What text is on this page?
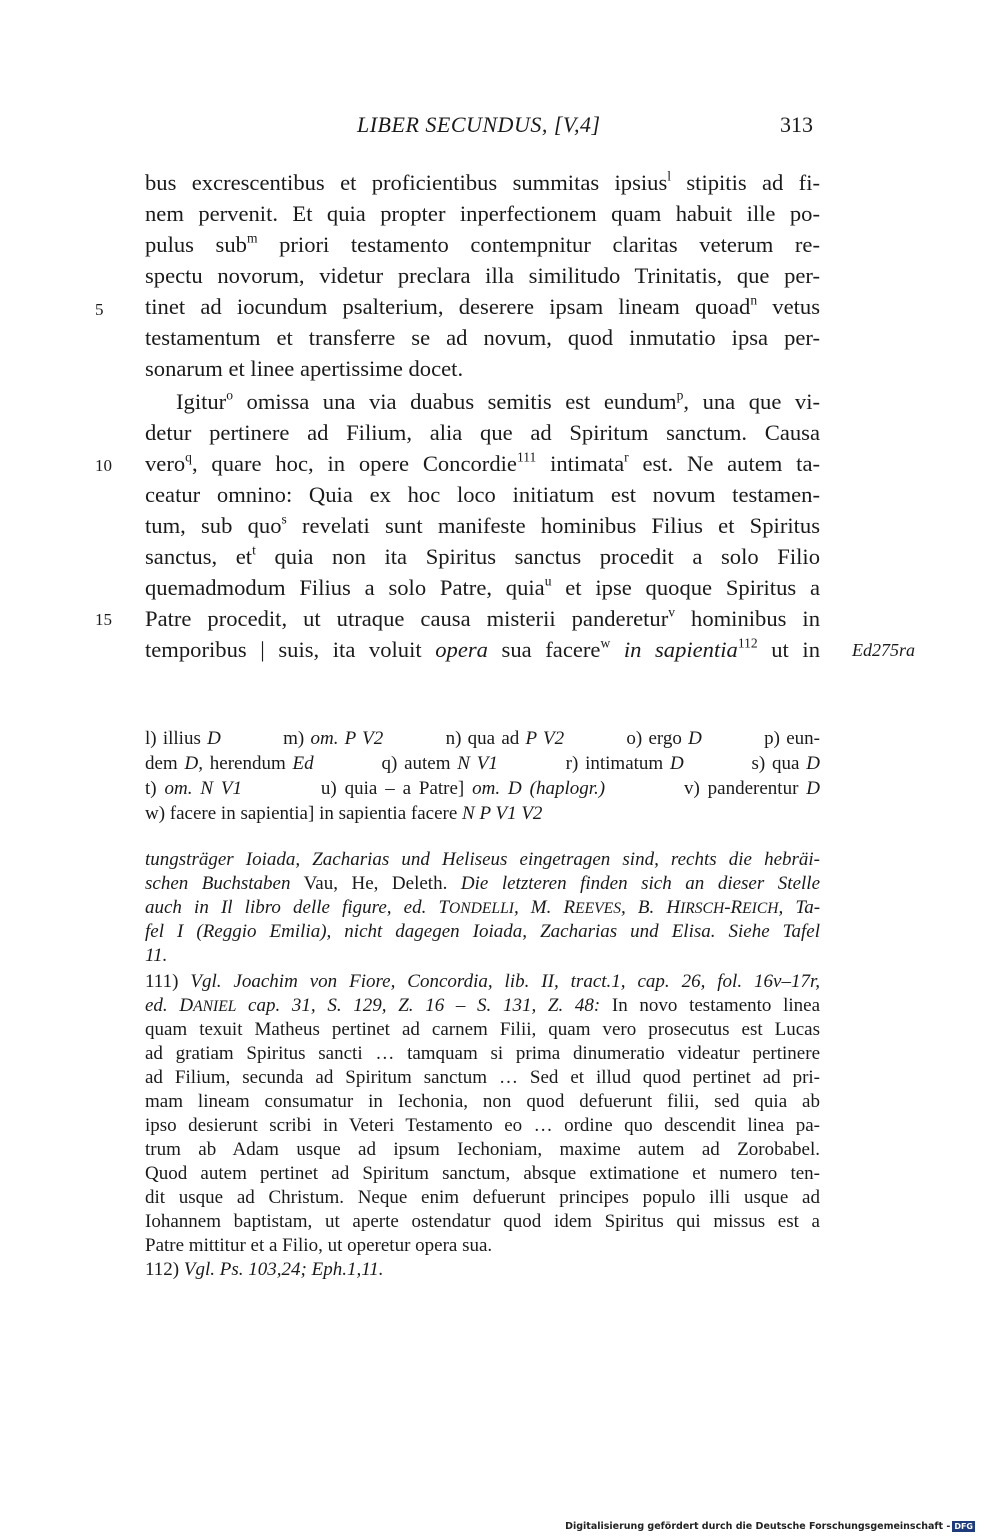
LIBER SECUNDUS, [V,4]	313
bus excrescentibus et proficientibus summitas ipsius$^l$ stipitis ad fi-
nem pervenit. Et quia propter inperfectionem quam habuit ille po-
pulus sub$^m$ priori testamento contempnitur claritas veterum re-
spectu novorum, videtur preclara illa similitudo Trinitatis, que per-
tinet ad iocundum psalterium, deserere ipsam lineam quoad$^n$ vetus
testamentum et transferre se ad novum, quod inmutatio ipsa per-
sonarum et linee apertissime docet.
Igitur$^o$ omissa una via duabus semitis est eundum$^p$, una que vi-
detur pertinere ad Filium, alia que ad Spiritum sanctum. Causa
vero$^q$, quare hoc, in opere Concordie$^{111}$ intimata$^r$ est. Ne autem ta-
ceatur omnino: Quia ex hoc loco initiatum est novum testamen-
tum, sub quo$^s$ revelati sunt manifeste hominibus Filius et Spiritus
sanctus, $et^t$ quia non ita Spiritus sanctus procedit a solo Filio
quemadmodum Filius a solo Patre, quia$^u$ et ipse quoque Spiritus a
Patre procedit, ut utraque causa misterii panderetur$^v$ hominibus in
temporibus | suis, ita voluit opera sua facere$^w$ in sapientia$^{112}$ ut in
5
10
15
Ed275ra
l) illius D          m) om. P V2          n) qua ad P V2          o) ergo D          p) eun-
dem D, herendum Ed          q) autem N V1          r) intimatum D          s) qua D
t) om. N V1          u) quia – a Patre] om. D (haplogr.)          v) panderentur D
w) facere in sapientia] in sapientia facere N P V1 V2
tungsträger Ioiada, Zacharias und Heliseus eingetragen sind, rechts die hebräi-
schen Buchstaben Vau, He, Deleth. Die letzteren finden sich an dieser Stelle
auch in Il libro delle figure, ed. TONDELLI, M. REEVES, B. HIRSCH-REICH, Ta-
fel I (Reggio Emilia), nicht dagegen Ioiada, Zacharias und Elisa. Siehe Tafel
11.
111) Vgl. Joachim von Fiore, Concordia, lib. II, tract.1, cap. 26, fol. 16v–17r,
ed. DANIEL cap. 31, S. 129, Z. 16 – S. 131, Z. 48: In novo testamento linea
quam texuit Matheus pertinet ad carnem Filii, quam vero prosecutus est Lucas
ad gratiam Spiritus sancti … tamquam si prima dinumeratio videatur pertinere
ad Filium, secunda ad Spiritum sanctum … Sed et illud quod pertinet ad pri-
mam lineam consumatur in Iechonia, non quod defuerunt filii, sed quia ab
ipso desierunt scribi in Veteri Testamento eo … ordine quo descendit linea pa-
trum ab Adam usque ad ipsum Iechoniam, maxime autem ad Zorobabel.
Quod autem pertinet ad Spiritum sanctum, absque extimatione et numero ten-
dit usque ad Christum. Neque enim defuerunt principes populo illi usque ad
Iohannem baptistam, ut aperte ostendatur quod idem Spiritus qui missus est a
Patre mittitur et a Filio, ut operetur opera sua.
112) Vgl. Ps. 103,24; Eph.1,11.
Digitalisierung gefördert durch die Deutsche Forschungsgemeinschaft - DFG
